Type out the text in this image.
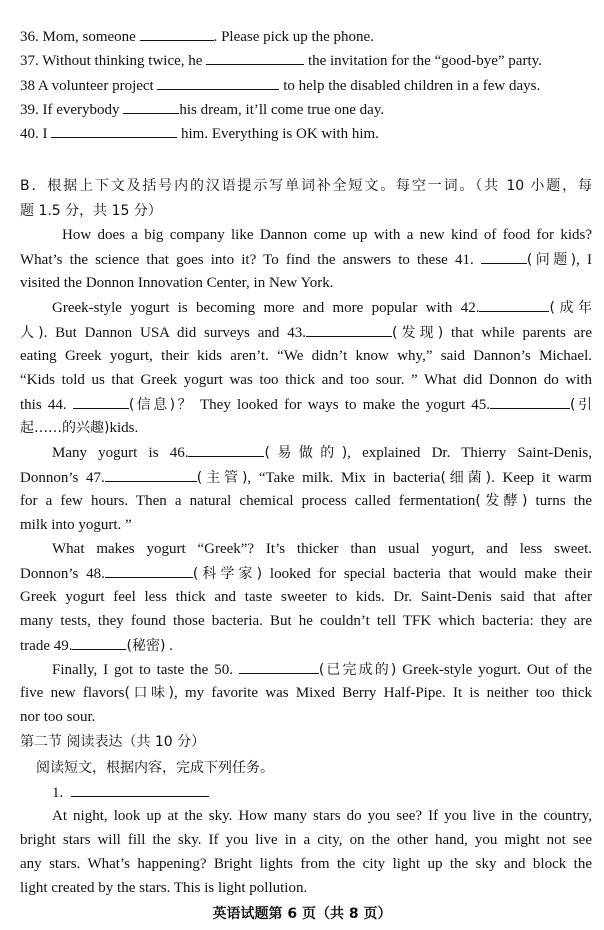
36. Mom, someone	. Please pick up the phone.
37. Without thinking twice, he	the invitation for the “good-bye” party.
38 A volunteer project	to help the disabled children in a few days.
39. If everybody	his dream, it’ll come true one day.
40. I	him. Everything is OK with him.
B．根据上下文及括号内的汉语提示写单词补全短文。每空一词。（共 10 小题，每
题 1.5 分，共 15 分）
How does a big company like Dannon come up with a new kind of food for kids?
What’s the science that goes into it? To find the answers to these 41.	(问题), I
visited the Donnon Innovation Center, in New York.
Greek-style yogurt is becoming more and more popular with 42.	(成年
人). But Dannon USA did surveys and 43.	(发现) that while parents are
eating Greek yogurt, their kids aren’t. “We didn’t know why,” said Dannon’s Michael.
“Kids told us that Greek yogurt was too thick and too sour. ” What did Donnon do with
this 44.	(信息)？ They looked for ways to make the yogurt 45.	(引
起……的兴趣)kids.
Many yogurt is 46.	(易做的), explained Dr. Thierry Saint-Denis,
Donnon’s 47.	(主管), “Take milk. Mix in bacteria(细菌). Keep it warm
for a few hours. Then a natural chemical process called fermentation(发酵) turns the
milk into yogurt. ”
What makes yogurt “Greek”? It’s thicker than usual yogurt, and less sweet.
Donnon’s 48.	(科学家) looked for special bacteria that would make their
Greek yogurt feel less thick and taste sweeter to kids. Dr. Saint-Denis said that after
many tests, they found those bacteria. But he couldn’t tell TFK which bacteria: they are
trade 49.	(秘密) .
Finally, I got to taste the 50.	(已完成的) Greek-style yogurt. Out of the
five new flavors(口味), my favorite was Mixed Berry Half-Pipe. It is neither too thick
nor too sour.
第二节 阅读表达（共 10 分）
阅读短文，根据内容，完成下列任务。
1.
At night, look up at the sky. How many stars do you see? If you live in the country,
bright stars will fill the sky. If you live in a city, on the other hand, you might not see
any stars. What’s happening? Bright lights from the city light up the sky and block the
light created by the stars. This is light pollution.
英语试题第 6 页（共 8 页）
